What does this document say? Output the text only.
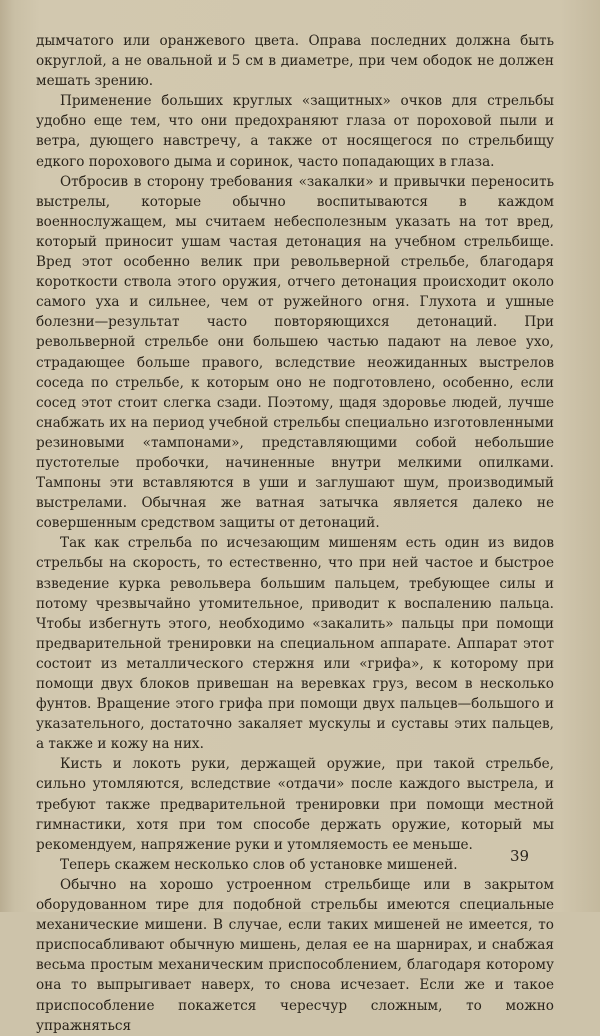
дымчатого или оранжевого цвета. Оправа последних должна быть округлой, а не овальной и 5 см в диаметре, при чем ободок не должен мешать зрению.

Применение больших круглых «защитных» очков для стрельбы удобно еще тем, что они предохраняют глаза от пороховой пыли и ветра, дующего навстречу, а также от носящегося по стрельбищу едкого порохового дыма и соринок, часто попадающих в глаза.

Отбросив в сторону требования «закалки» и привычки переносить выстрелы, которые обычно воспитываются в каждом военнослужащем, мы считаем небесполезным указать на тот вред, который приносит ушам частая детонация на учебном стрельбище. Вред этот особенно велик при револьверной стрельбе, благодаря короткости ствола этого оружия, отчего детонация происходит около самого уха и сильнее, чем от ружейного огня. Глухота и ушные болезни—результат часто повторяющихся детонаций. При револьверной стрельбе они большею частью падают на левое ухо, страдающее больше правого, вследствие неожиданных выстрелов соседа по стрельбе, к которым оно не подготовлено, особенно, если сосед этот стоит слегка сзади. Поэтому, щадя здоровье людей, лучше снабжать их на период учебной стрельбы специально изготовленными резиновыми «тампонами», представляющими собой небольшие пустотелые пробочки, начиненные внутри мелкими опилками. Тампоны эти вставляются в уши и заглушают шум, производимый выстрелами. Обычная же ватная затычка является далеко не совершенным средством защиты от детонаций.

Так как стрельба по исчезающим мишеням есть один из видов стрельбы на скорость, то естественно, что при ней частое и быстрое взведение курка револьвера большим пальцем, требующее силы и потому чрезвычайно утомительное, приводит к воспалению пальца. Чтобы избегнуть этого, необходимо «закалить» пальцы при помощи предварительной тренировки на специальном аппарате. Аппарат этот состоит из металлического стержня или «грифа», к которому при помощи двух блоков привешан на веревках груз, весом в несколько фунтов. Вращение этого грифа при помощи двух пальцев—большого и указательного, достаточно закаляет мускулы и суставы этих пальцев, а также и кожу на них.

Кисть и локоть руки, держащей оружие, при такой стрельбе, сильно утомляются, вследствие «отдачи» после каждого выстрела, и требуют также предварительной тренировки при помощи местной гимнастики, хотя при том способе держать оружие, который мы рекомендуем, напряжение руки и утомляемость ее меньше.

Теперь скажем несколько слов об установке мишеней.

Обычно на хорошо устроенном стрельбище или в закрытом оборудованном тире для подобной стрельбы имеются специальные механические мишени. В случае, если таких мишеней не имеется, то приспосабливают обычную мишень, делая ее на шарнирах, и снабжая весьма простым механическим приспособлением, благодаря которому она то выпрыгивает наверх, то снова исчезает. Если же и такое приспособление покажется чересчур сложным, то можно упражняться

39
